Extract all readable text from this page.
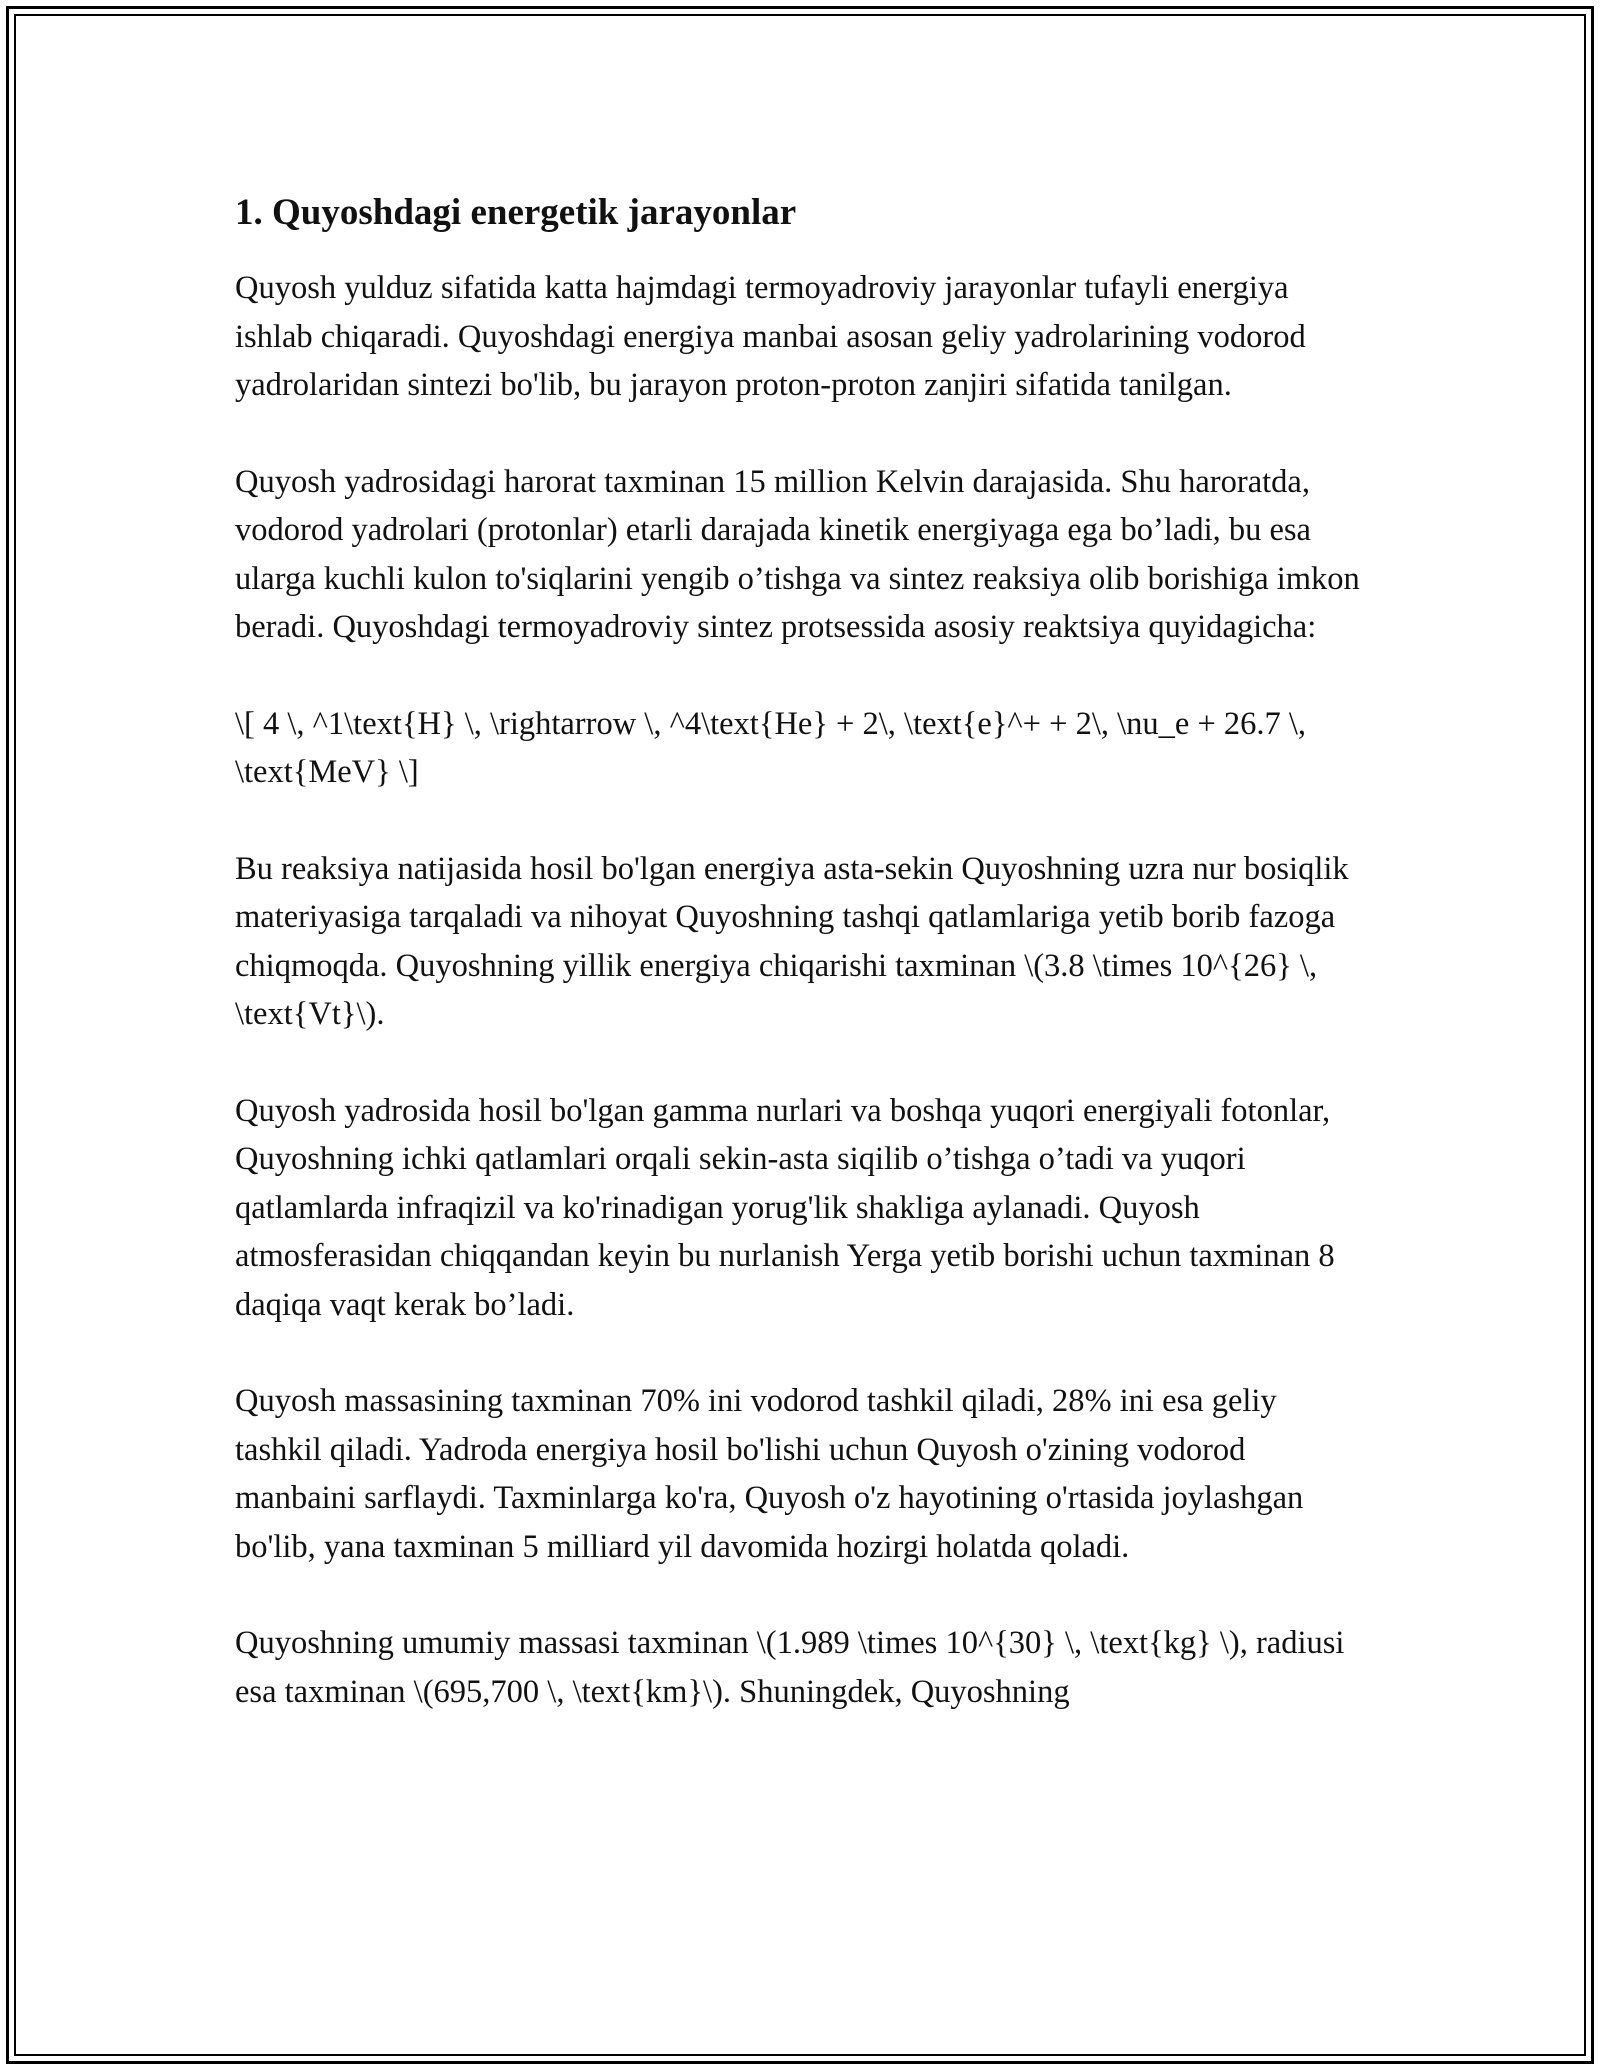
1. Quyoshdagi energetik jarayonlar

Quyosh yulduz sifatida katta hajmdagi termoyadroviy jarayonlar tufayli energiya ishlab chiqaradi. Quyoshdagi energiya manbai asosan geliy yadrolarining vodorod yadrolaridan sintezi bo'lib, bu jarayon proton-proton zanjiri sifatida tanilgan.

Quyosh yadrosidagi harorat taxminan 15 million Kelvin darajasida. Shu haroratda, vodorod yadrolari (protonlar) etarli darajada kinetik energiyaga ega bo’ladi, bu esa ularga kuchli kulon to'siqlarini yengib o’tishga va sintez reaksiya olib borishiga imkon beradi. Quyoshdagi termoyadroviy sintez protsessida asosiy reaktsiya quyidagicha:

\[ 4 \, ^1\text{H} \, \rightarrow \, ^4\text{He} + 2\, \text{e}^+ + 2\, \nu_e + 26.7 \, \text{MeV} \]

Bu reaksiya natijasida hosil bo'lgan energiya asta-sekin Quyoshning uzra nur bosiqlik materiyasiga tarqaladi va nihoyat Quyoshning tashqi qatlamlariga yetib borib fazoga chiqmoqda. Quyoshning yillik energiya chiqarishi taxminan \(3.8 \times 10^{26} \, \text{Vt}\).

Quyosh yadrosida hosil bo'lgan gamma nurlari va boshqa yuqori energiyali fotonlar, Quyoshning ichki qatlamlari orqali sekin-asta siqilib o’tishga o’tadi va yuqori qatlamlarda infraqizil va ko'rinadigan yorug'lik shakliga aylanadi. Quyosh atmosferasidan chiqqandan keyin bu nurlanish Yerga yetib borishi uchun taxminan 8 daqiqa vaqt kerak bo’ladi.

Quyosh massasining taxminan 70% ini vodorod tashkil qiladi, 28% ini esa geliy tashkil qiladi. Yadroda energiya hosil bo'lishi uchun Quyosh o'zining vodorod manbaini sarflaydi. Taxminlarga ko'ra, Quyosh o'z hayotining o'rtasida joylashgan bo'lib, yana taxminan 5 milliard yil davomida hozirgi holatda qoladi.

Quyoshning umumiy massasi taxminan \(1.989 \times 10^{30} \, \text{kg} \), radiusi esa taxminan \(695,700 \, \text{km}\). Shuningdek, Quyoshning
